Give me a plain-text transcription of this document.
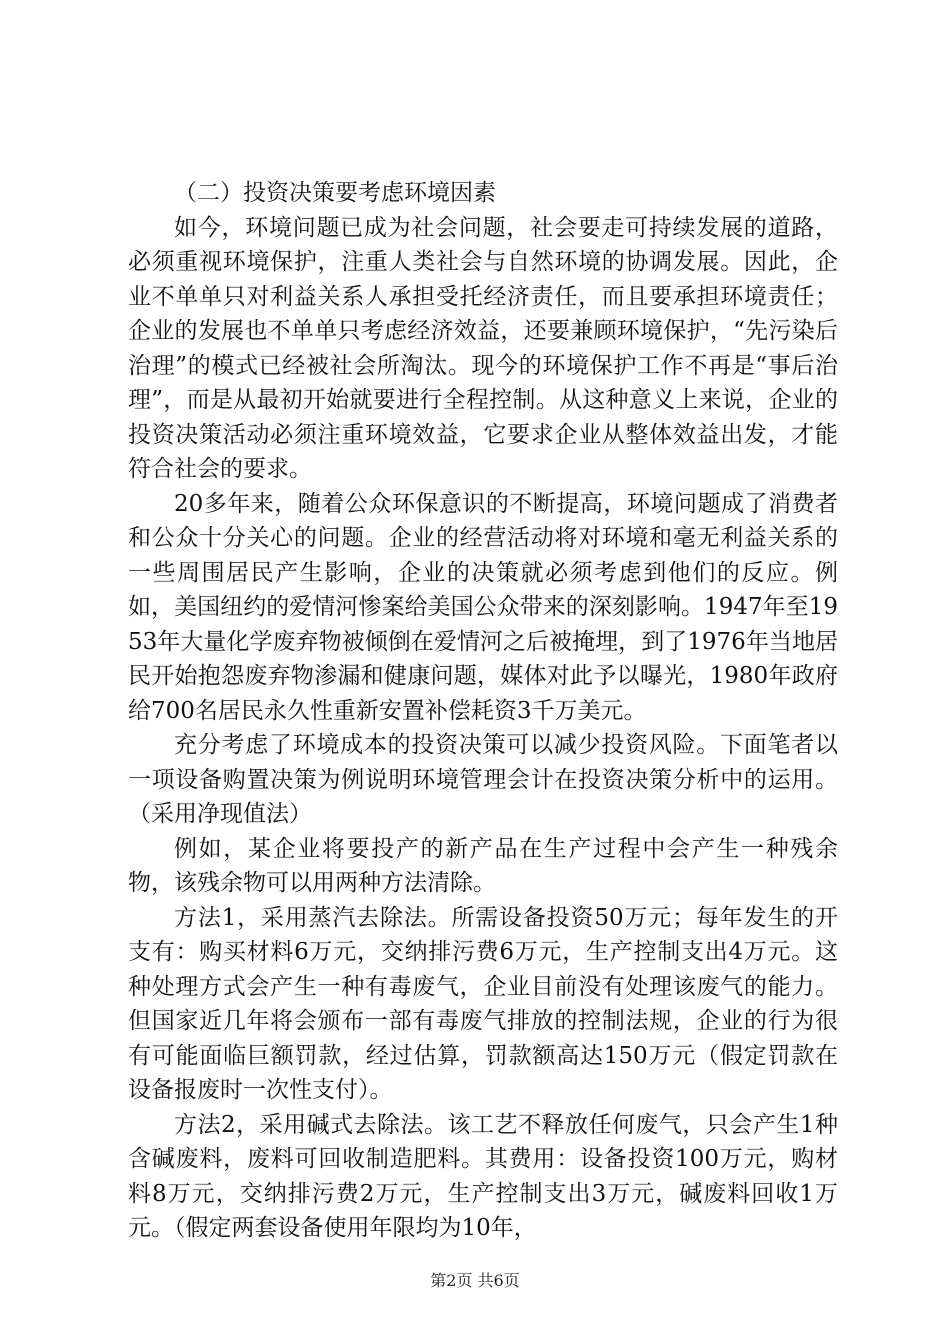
（二）投资决策要考虑环境因素

如今，环境问题已成为社会问题，社会要走可持续发展的道路，必须重视环境保护，注重人类社会与自然环境的协调发展。因此，企业不单单只对利益关系人承担受托经济责任，而且要承担环境责任；企业的发展也不单单只考虑经济效益，还要兼顾环境保护，“先污染后治理”的模式已经被社会所淘汰。现今的环境保护工作不再是“事后治理”，而是从最初开始就要进行全程控制。从这种意义上来说，企业的投资决策活动必须注重环境效益，它要求企业从整体效益出发，才能符合社会的要求。

20多年来，随着公众环保意识的不断提高，环境问题成了消费者和公众十分关心的问题。企业的经营活动将对环境和毫无利益关系的一些周围居民产生影响，企业的决策就必须考虑到他们的反应。例如，美国纽约的爱情河惨案给美国公众带来的深刻影响。1947年至1953年大量化学废弃物被倾倒在爱情河之后被掩埋，到了1976年当地居民开始抱怨废弃物渗漏和健康问题，媒体对此予以曝光，1980年政府给700名居民永久性重新安置补偿耗资3千万美元。

充分考虑了环境成本的投资决策可以减少投资风险。下面笔者以一项设备购置决策为例说明环境管理会计在投资决策分析中的运用。（采用净现值法）

例如，某企业将要投产的新产品在生产过程中会产生一种残余物，该残余物可以用两种方法清除。

方法1，采用蒸汽去除法。所需设备投资50万元；每年发生的开支有：购买材料6万元，交纳排污费6万元，生产控制支出4万元。这种处理方式会产生一种有毒废气，企业目前没有处理该废气的能力。但国家近几年将会颁布一部有毒废气排放的控制法规，企业的行为很有可能面临巨额罚款，经过估算，罚款额高达150万元（假定罚款在设备报废时一次性支付）。

方法2，采用碱式去除法。该工艺不释放任何废气，只会产生1种含碱废料，废料可回收制造肥料。其费用：设备投资100万元，购材料8万元，交纳排污费2万元，生产控制支出3万元，碱废料回收1万元。（假定两套设备使用年限均为10年，

第2页 共6页
